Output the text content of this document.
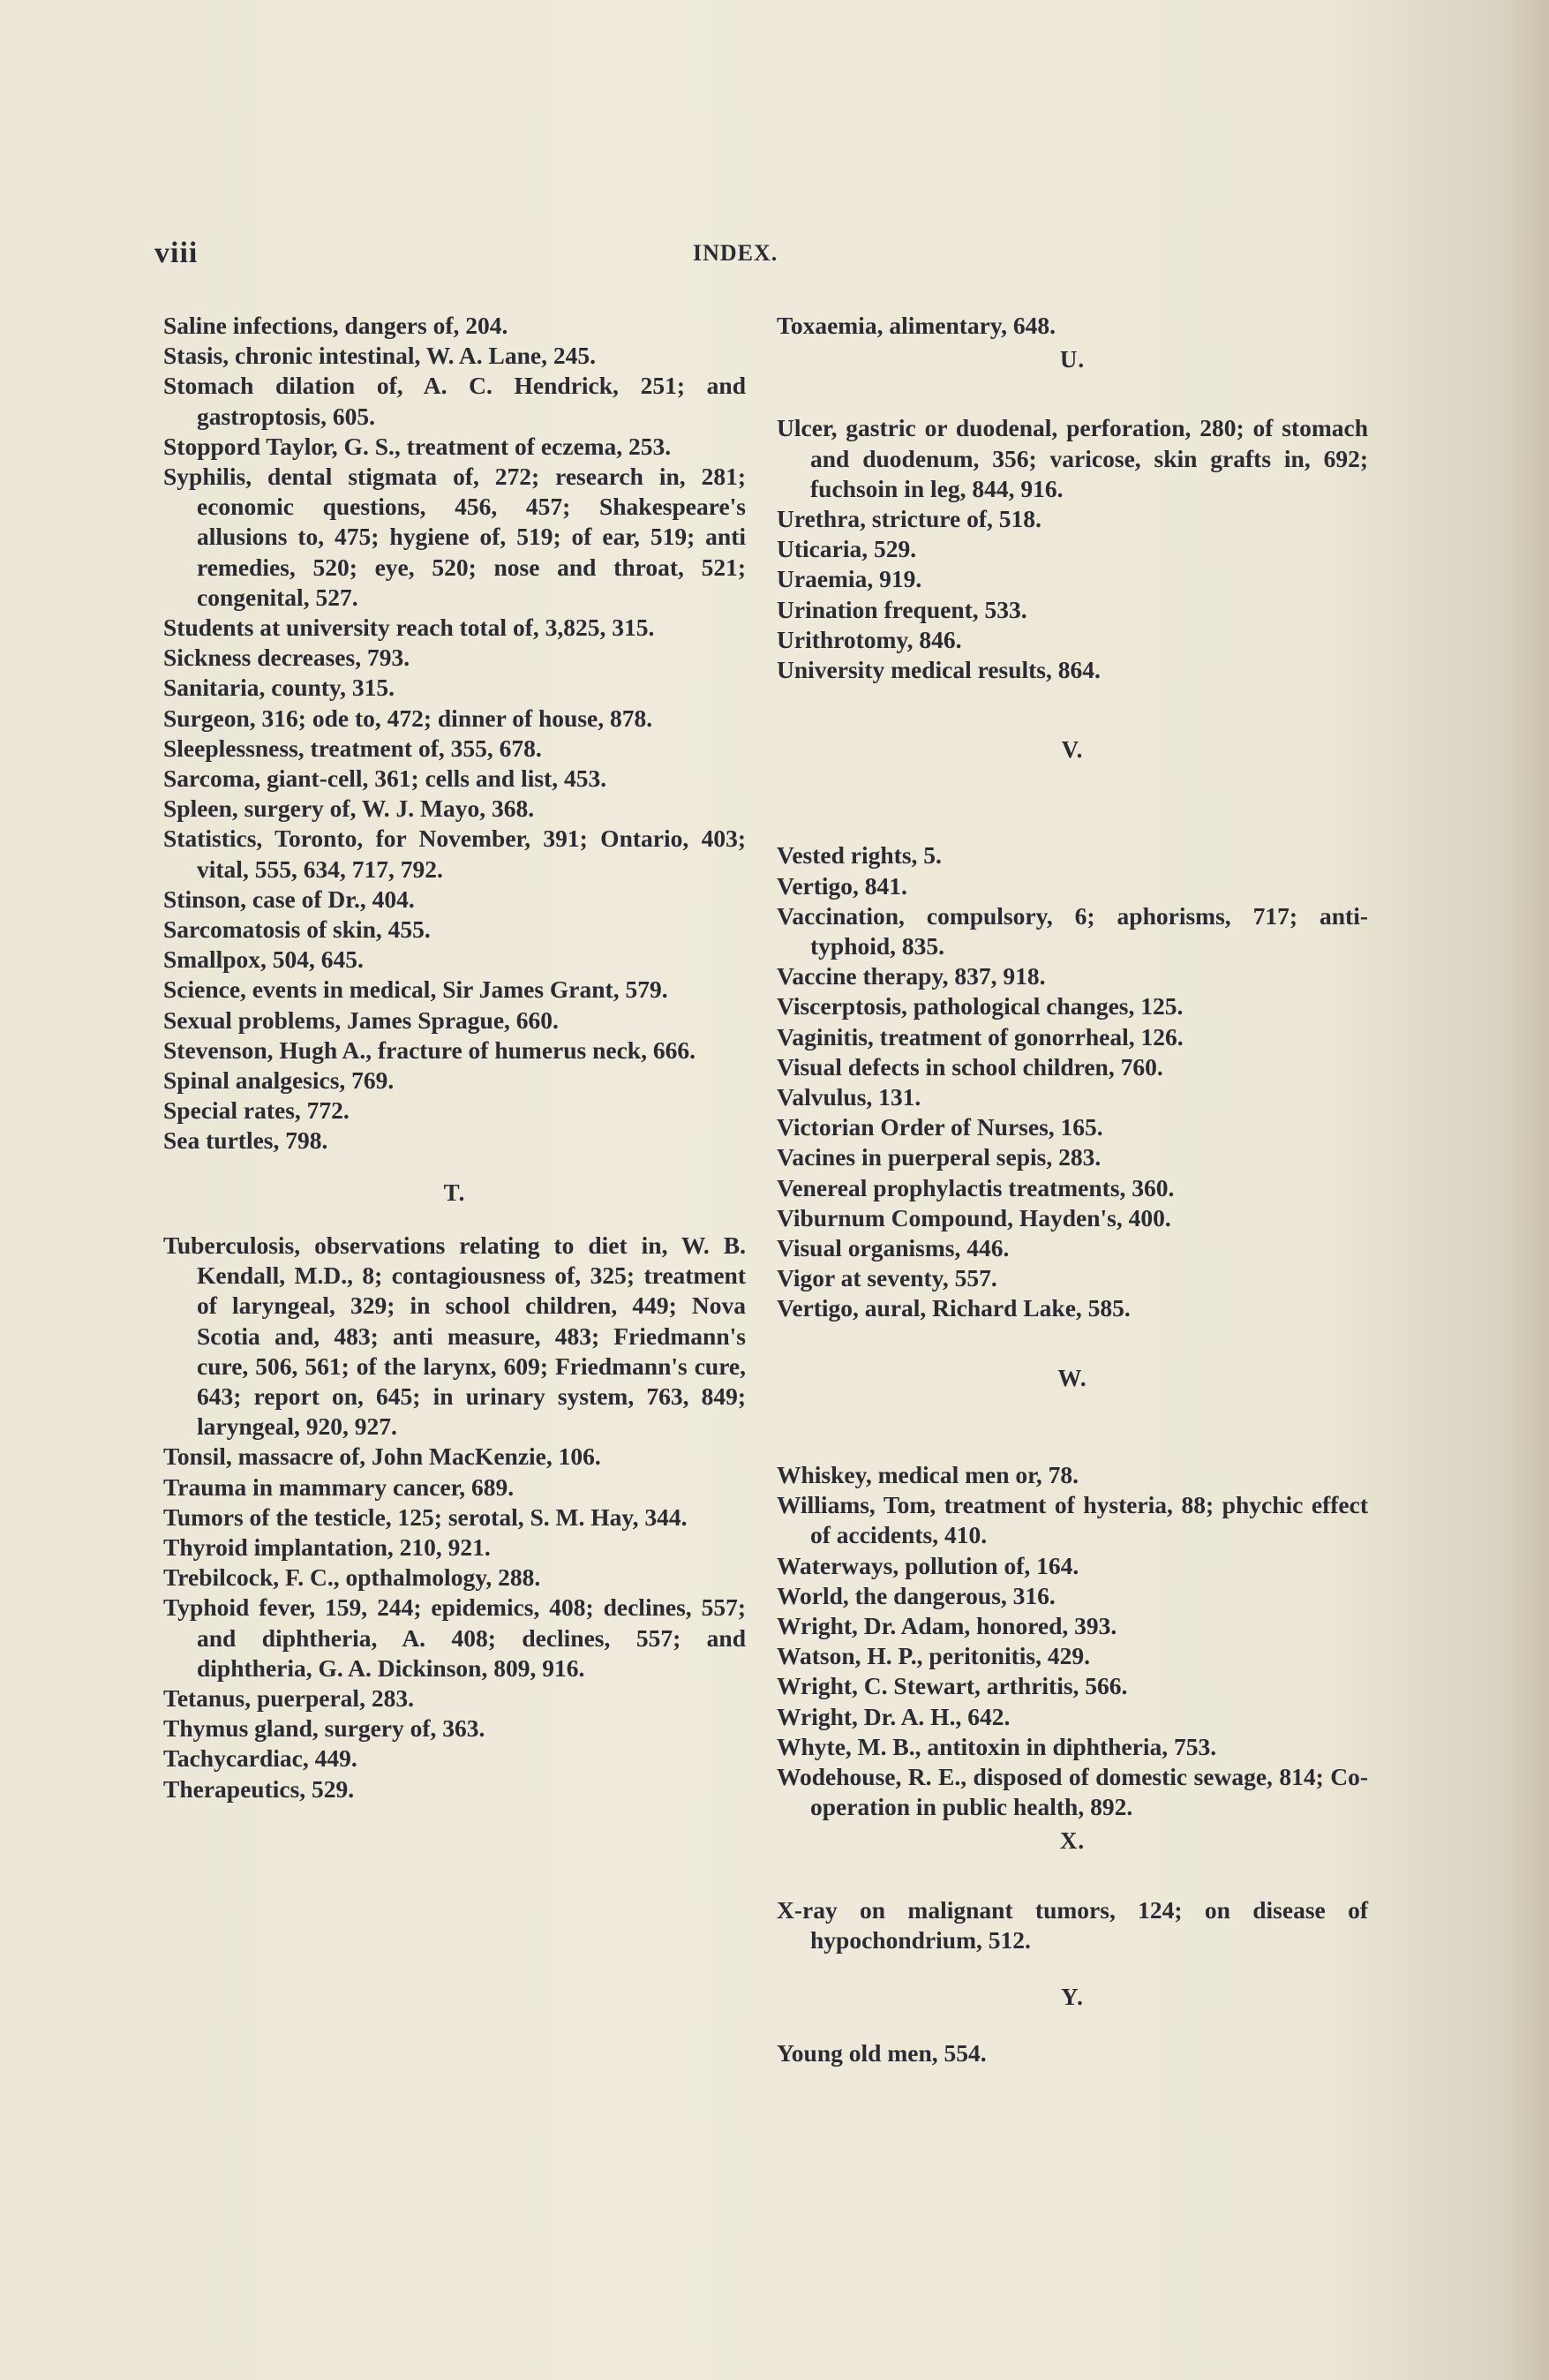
viii	INDEX.

Saline infections, dangers of, 204.

Stasis, chronic intestinal, W. A. Lane, 245.

Stomach dilation of, A. C. Hendrick, 251; and gastroptosis, 605.

Stoppord Taylor, G. S., treatment of eczema, 253.

Syphilis, dental stigmata of, 272; research in, 281; economic questions, 456, 457; Shakespeare's allusions to, 475; hygiene of, 519; of ear, 519; anti remedies, 520; eye, 520; nose and throat, 521; congenital, 527.

Students at university reach total of, 3,825, 315.

Sickness decreases, 793.

Sanitaria, county, 315.

Surgeon, 316; ode to, 472; dinner of house, 878.

Sleeplessness, treatment of, 355, 678.

Sarcoma, giant-cell, 361; cells and list, 453.

Spleen, surgery of, W. J. Mayo, 368.

Statistics, Toronto, for November, 391; Ontario, 403; vital, 555, 634, 717, 792.

Stinson, case of Dr., 404.

Sarcomatosis of skin, 455.

Smallpox, 504, 645.

Science, events in medical, Sir James Grant, 579.

Sexual problems, James Sprague, 660.

Stevenson, Hugh A., fracture of humerus neck, 666.

Spinal analgesics, 769.

Special rates, 772.

Sea turtles, 798.

T.

Tuberculosis, observations relating to diet in, W. B. Kendall, M.D., 8; contagiousness of, 325; treatment of laryngeal, 329; in school children, 449; Nova Scotia and, 483; anti measure, 483; Friedmann's cure, 506, 561; of the larynx, 609; Friedmann's cure, 643; report on, 645; in urinary system, 763, 849; laryngeal, 920, 927.

Tonsil, massacre of, John MacKenzie, 106.

Trauma in mammary cancer, 689.

Tumors of the testicle, 125; serotal, S. M. Hay, 344.

Thyroid implantation, 210, 921.

Trebilcock, F. C., opthalmology, 288.

Typhoid fever, 159, 244; epidemics, 408; declines, 557; and diphtheria, A. 408; declines, 557; and diphtheria, G. A. Dickinson, 809, 916.

Tetanus, puerperal, 283.

Thymus gland, surgery of, 363.

Tachycardiac, 449.

Therapeutics, 529.

Toxaemia, alimentary, 648.

U.

Ulcer, gastric or duodenal, perforation, 280; of stomach and duodenum, 356; varicose, skin grafts in, 692; fuchsoin in leg, 844, 916.

Urethra, stricture of, 518.

Uticaria, 529.

Uraemia, 919.

Urination frequent, 533.

Urithrotomy, 846.

University medical results, 864.

V.

Vested rights, 5.

Vertigo, 841.

Vaccination, compulsory, 6; aphorisms, 717; anti-typhoid, 835.

Vaccine therapy, 837, 918.

Viscerptosis, pathological changes, 125.

Vaginitis, treatment of gonorrheal, 126.

Visual defects in school children, 760.

Valvulus, 131.

Victorian Order of Nurses, 165.

Vacines in puerperal sepis, 283.

Venereal prophylactis treatments, 360.

Viburnum Compound, Hayden's, 400.

Visual organisms, 446.

Vigor at seventy, 557.

Vertigo, aural, Richard Lake, 585.

W.

Whiskey, medical men or, 78.

Williams, Tom, treatment of hysteria, 88; phychic effect of accidents, 410.

Waterways, pollution of, 164.

World, the dangerous, 316.

Wright, Dr. Adam, honored, 393.

Watson, H. P., peritonitis, 429.

Wright, C. Stewart, arthritis, 566.

Wright, Dr. A. H., 642.

Whyte, M. B., antitoxin in diphtheria, 753.

Wodehouse, R. E., disposed of domestic sewage, 814; Co-operation in public health, 892.

X.

X-ray on malignant tumors, 124; on disease of hypochondrium, 512.

Y.

Young old men, 554.
